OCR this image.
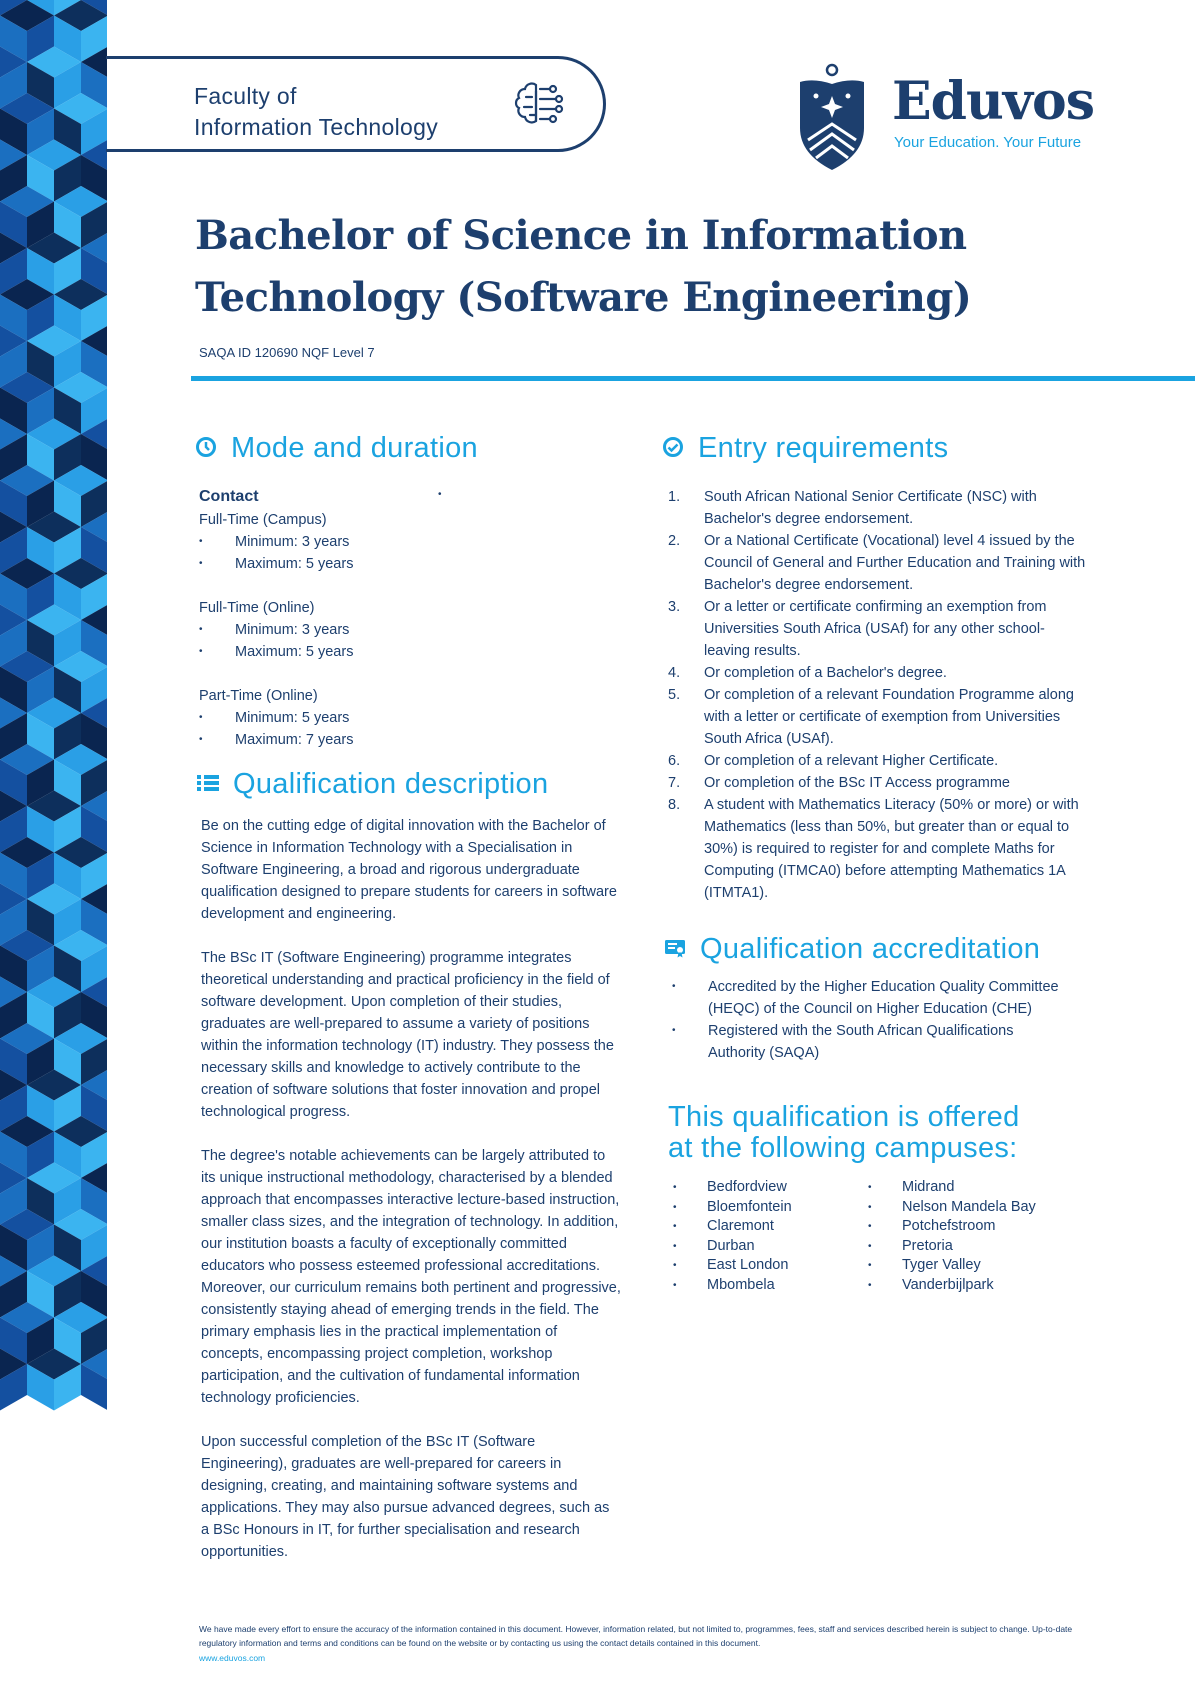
Faculty of
Information Technology	Eduvos
Your Education. Your Future
Bachelor of Science in Information
Technology (Software Engineering)
SAQA ID 120690 NQF Level 7
Mode and duration
•
Contact
Full-Time (Campus)
• Minimum: 3 years
• Maximum: 5 years
Full-Time (Online)
• Minimum: 3 years
• Maximum: 5 years
Part-Time (Online)
• Minimum: 5 years
• Maximum: 7 years
Qualification description

Be on the cutting edge of digital innovation with the Bachelor of Science in Information Technology with a Specialisation in Software Engineering, a broad and rigorous undergraduate qualification designed to prepare students for careers in software development and engineering.

The BSc IT (Software Engineering) programme integrates theoretical understanding and practical proficiency in the field of software development. Upon completion of their studies, graduates are well-prepared to assume a variety of positions within the information technology (IT) industry. They possess the necessary skills and knowledge to actively contribute to the creation of software solutions that foster innovation and propel technological progress.

The degree's notable achievements can be largely attributed to its unique instructional methodology, characterised by a blended approach that encompasses interactive lecture-based instruction, smaller class sizes, and the integration of technology. In addition, our institution boasts a faculty of exceptionally committed educators who possess esteemed professional accreditations. Moreover, our curriculum remains both pertinent and progressive, consistently staying ahead of emerging trends in the field. The primary emphasis lies in the practical implementation of concepts, encompassing project completion, workshop participation, and the cultivation of fundamental information technology proficiencies.

Upon successful completion of the BSc IT (Software Engineering), graduates are well-prepared for careers in designing, creating, and maintaining software systems and applications. They may also pursue advanced degrees, such as a BSc Honours in IT, for further specialisation and research opportunities.

Entry requirements
1. South African National Senior Certificate (NSC) with Bachelor's degree endorsement.
2. Or a National Certificate (Vocational) level 4 issued by the Council of General and Further Education and Training with Bachelor's degree endorsement.
3. Or a letter or certificate confirming an exemption from Universities South Africa (USAf) for any other school-leaving results.
4. Or completion of a Bachelor's degree.
5. Or completion of a relevant Foundation Programme along with a letter or certificate of exemption from Universities South Africa (USAf).
6. Or completion of a relevant Higher Certificate.
7. Or completion of the BSc IT Access programme
8. A student with Mathematics Literacy (50% or more) or with Mathematics (less than 50%, but greater than or equal to 30%) is required to register for and complete Maths for Computing (ITMCA0) before attempting Mathematics 1A (ITMTA1).
Qualification accreditation
• Accredited by the Higher Education Quality Committee (HEQC) of the Council on Higher Education (CHE)
• Registered with the South African Qualifications Authority (SAQA)
This qualification is offered
at the following campuses:
• Bedfordview
• Bloemfontein
• Claremont
• Durban
• East London
• Mbombela
• Midrand
• Nelson Mandela Bay
• Potchefstroom
• Pretoria
• Tyger Valley
• Vanderbijlpark
We have made every effort to ensure the accuracy of the information contained in this document. However, information related, but not limited to, programmes, fees, staff and services described herein is subject to change. Up-to-date regulatory information and terms and conditions can be found on the website or by contacting us using the contact details contained in this document.
www.eduvos.com
